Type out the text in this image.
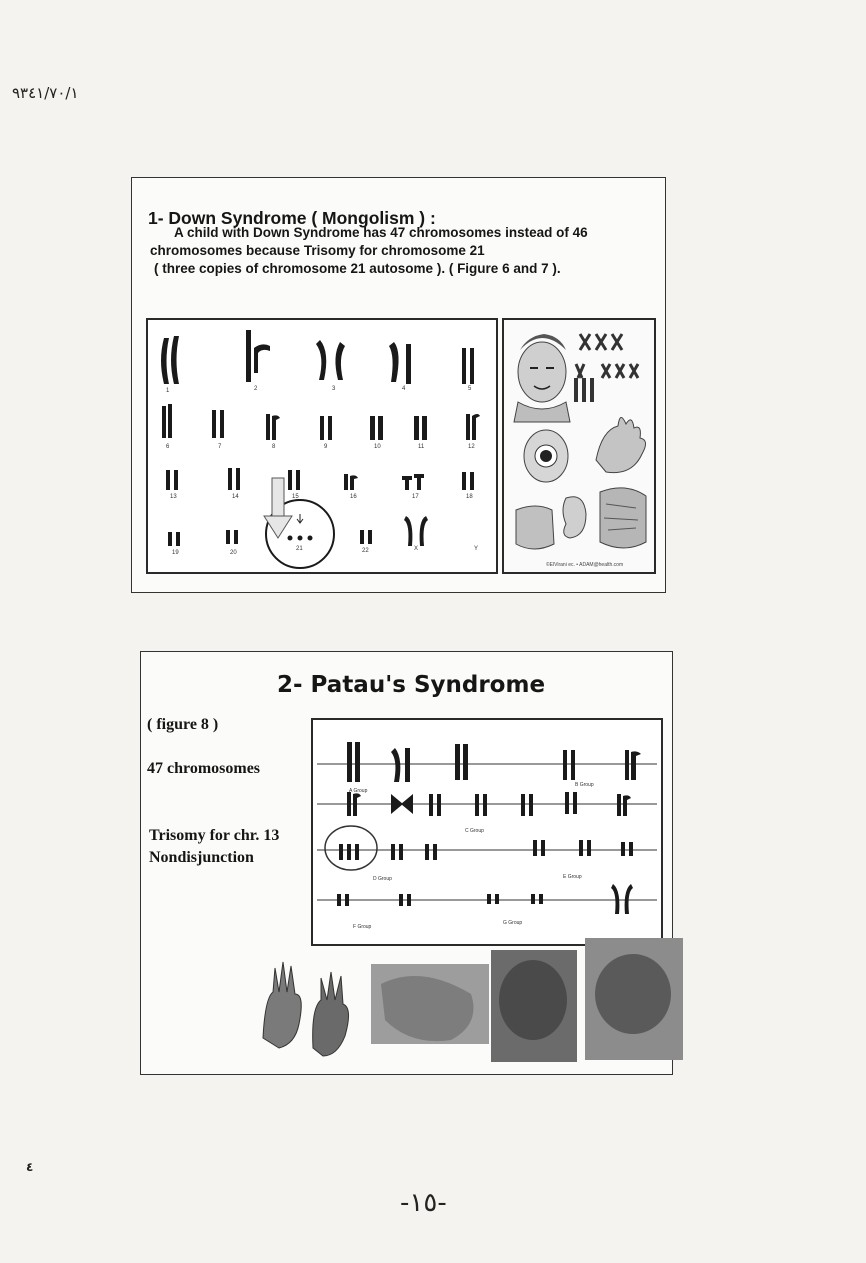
١/٠٧/١٤٣٩
1- Down Syndrome ( Mongolism ) :
A child with Down Syndrome has 47 chromosomes instead of 46
chromosomes because Trisomy for chromosome 21
( three copies of chromosome 21 autosome ). ( Figure 6 and 7 ).
1	2	3	4	5
6	7	8	9	10	11	12
13	14	15	16	17	18
19	20
21	22	X	Y
©ElVirani ec. • ADAM@health.com
2- Patau's Syndrome
( figure 8 )
47 chromosomes
Trisomy for chr. 13
Nondisjunction
A Group
B Group
C Group
D Group	E Group
F Group
G Group
٤
-١٥-
